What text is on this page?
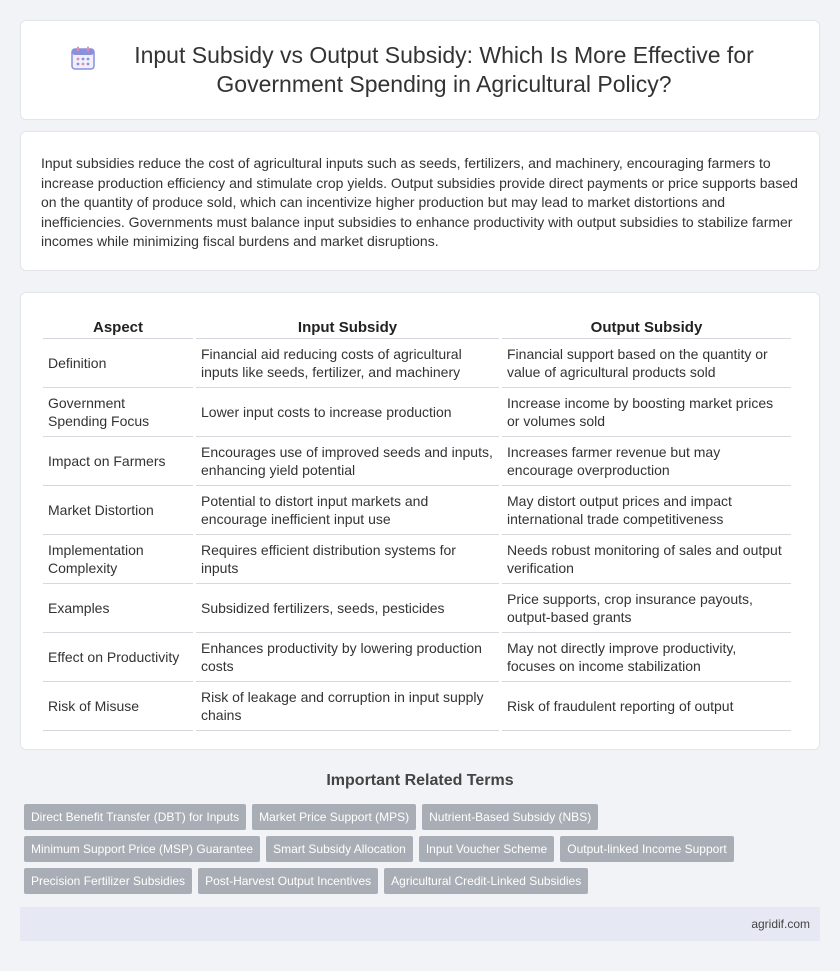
Input Subsidy vs Output Subsidy: Which Is More Effective for Government Spending in Agricultural Policy?

Input subsidies reduce the cost of agricultural inputs such as seeds, fertilizers, and machinery, encouraging farmers to increase production efficiency and stimulate crop yields. Output subsidies provide direct payments or price supports based on the quantity of produce sold, which can incentivize higher production but may lead to market distortions and inefficiencies. Governments must balance input subsidies to enhance productivity with output subsidies to stabilize farmer incomes while minimizing fiscal burdens and market disruptions.

Aspect	Input Subsidy	Output Subsidy
Definition	Financial aid reducing costs of agricultural inputs like seeds, fertilizer, and machinery	Financial support based on the quantity or value of agricultural products sold
Government Spending Focus	Lower input costs to increase production	Increase income by boosting market prices or volumes sold
Impact on Farmers	Encourages use of improved seeds and inputs, enhancing yield potential	Increases farmer revenue but may encourage overproduction
Market Distortion	Potential to distort input markets and encourage inefficient input use	May distort output prices and impact international trade competitiveness
Implementation Complexity	Requires efficient distribution systems for inputs	Needs robust monitoring of sales and output verification
Examples	Subsidized fertilizers, seeds, pesticides	Price supports, crop insurance payouts, output-based grants
Effect on Productivity	Enhances productivity by lowering production costs	May not directly improve productivity, focuses on income stabilization
Risk of Misuse	Risk of leakage and corruption in input supply chains	Risk of fraudulent reporting of output
Important Related Terms
Direct Benefit Transfer (DBT) for Inputs	Market Price Support (MPS)	Nutrient-Based Subsidy (NBS)
Minimum Support Price (MSP) Guarantee	Smart Subsidy Allocation	Input Voucher Scheme	Output-linked Income Support
Precision Fertilizer Subsidies	Post-Harvest Output Incentives	Agricultural Credit-Linked Subsidies
agridif.com
